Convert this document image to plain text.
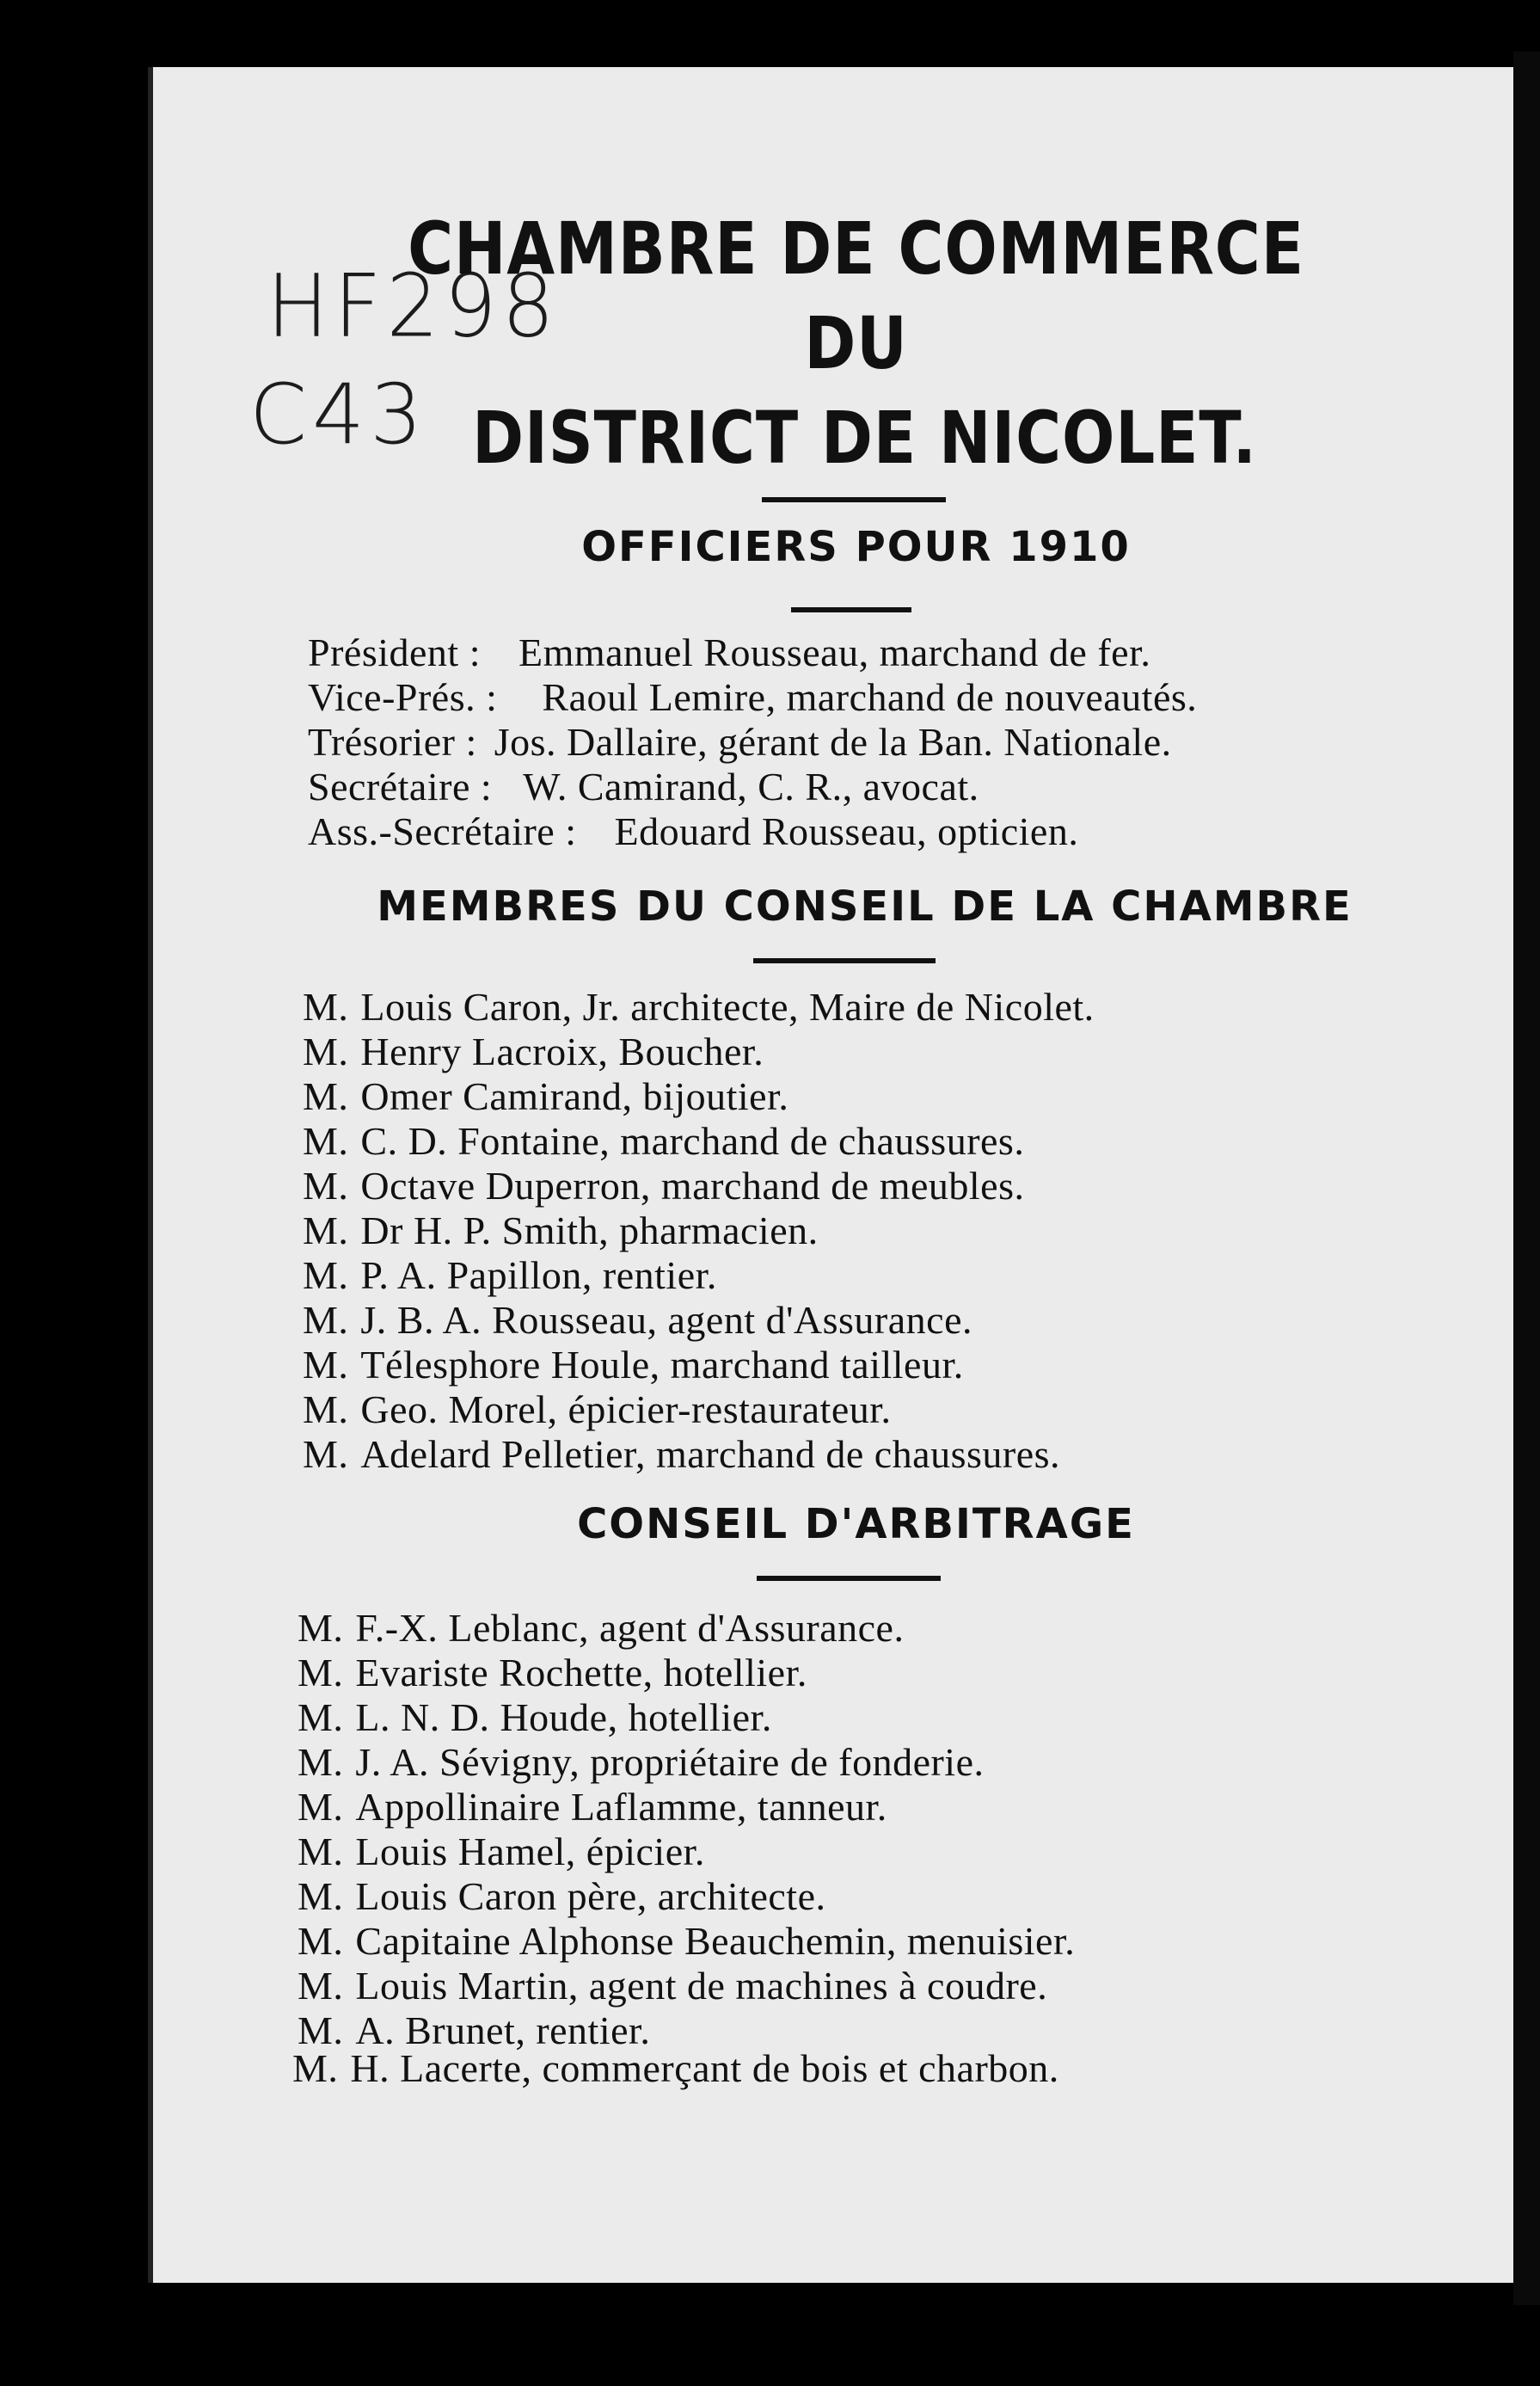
HF298
C43
CHAMBRE DE COMMERCE
DU
DISTRICT DE NICOLET.
OFFICIERS POUR 1910
Président : Emmanuel Rousseau, marchand de fer.
Vice-Prés. : Raoul Lemire, marchand de nouveautés.
Trésorier : Jos. Dallaire, gérant de la Ban. Nationale.
Secrétaire : W. Camirand, C. R., avocat.
Ass.-Secrétaire : Edouard Rousseau, opticien.
MEMBRES DU CONSEIL DE LA CHAMBRE
M. Louis Caron, Jr. architecte, Maire de Nicolet.
M. Henry Lacroix, Boucher.
M. Omer Camirand, bijoutier.
M. C. D. Fontaine, marchand de chaussures.
M. Octave Duperron, marchand de meubles.
M. Dr H. P. Smith, pharmacien.
M. P. A. Papillon, rentier.
M. J. B. A. Rousseau, agent d'Assurance.
M. Télesphore Houle, marchand tailleur.
M. Geo. Morel, épicier-restaurateur.
M. Adelard Pelletier, marchand de chaussures.
CONSEIL D'ARBITRAGE
M. F.-X. Leblanc, agent d'Assurance.
M. Evariste Rochette, hotellier.
M. L. N. D. Houde, hotellier.
M. J. A. Sévigny, propriétaire de fonderie.
M. Appollinaire Laflamme, tanneur.
M. Louis Hamel, épicier.
M. Louis Caron père, architecte.
M. Capitaine Alphonse Beauchemin, menuisier.
M. Louis Martin, agent de machines à coudre.
M. A. Brunet, rentier.
M. H. Lacerte, commerçant de bois et charbon.
